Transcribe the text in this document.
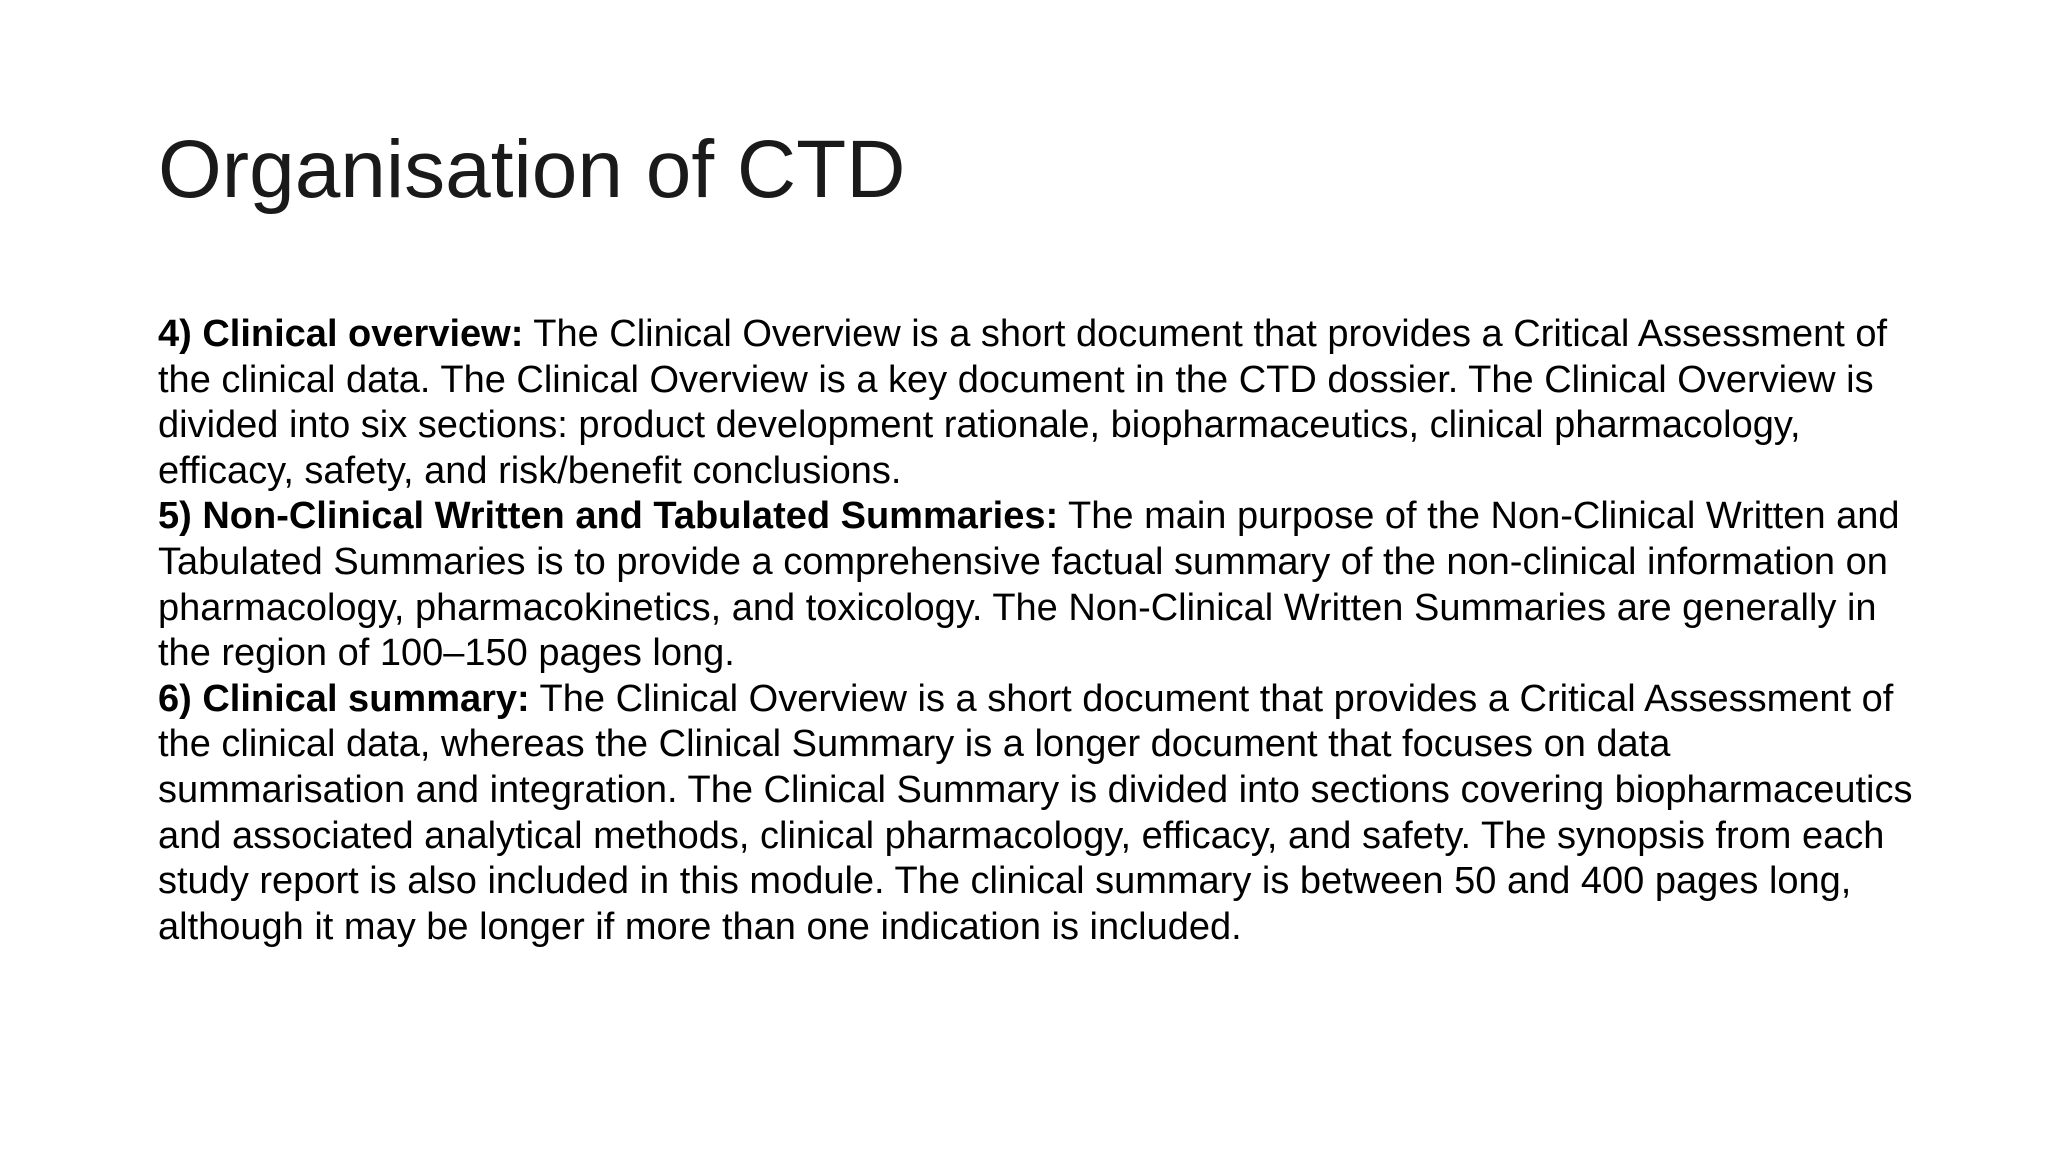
Organisation of CTD

4) Clinical overview: The Clinical Overview is a short document that provides a Critical Assessment of the clinical data. The Clinical Overview is a key document in the CTD dossier. The Clinical Overview is divided into six sections: product development rationale, biopharmaceutics, clinical pharmacology, efficacy, safety, and risk/benefit conclusions.

5) Non-Clinical Written and Tabulated Summaries: The main purpose of the Non-Clinical Written and Tabulated Summaries is to provide a comprehensive factual summary of the non-clinical information on pharmacology, pharmacokinetics, and toxicology. The Non-Clinical Written Summaries are generally in the region of 100–150 pages long.

6) Clinical summary: The Clinical Overview is a short document that provides a Critical Assessment of the clinical data, whereas the Clinical Summary is a longer document that focuses on data summarisation and integration. The Clinical Summary is divided into sections covering biopharmaceutics and associated analytical methods, clinical pharmacology, efficacy, and safety. The synopsis from each study report is also included in this module. The clinical summary is between 50 and 400 pages long, although it may be longer if more than one indication is included.
